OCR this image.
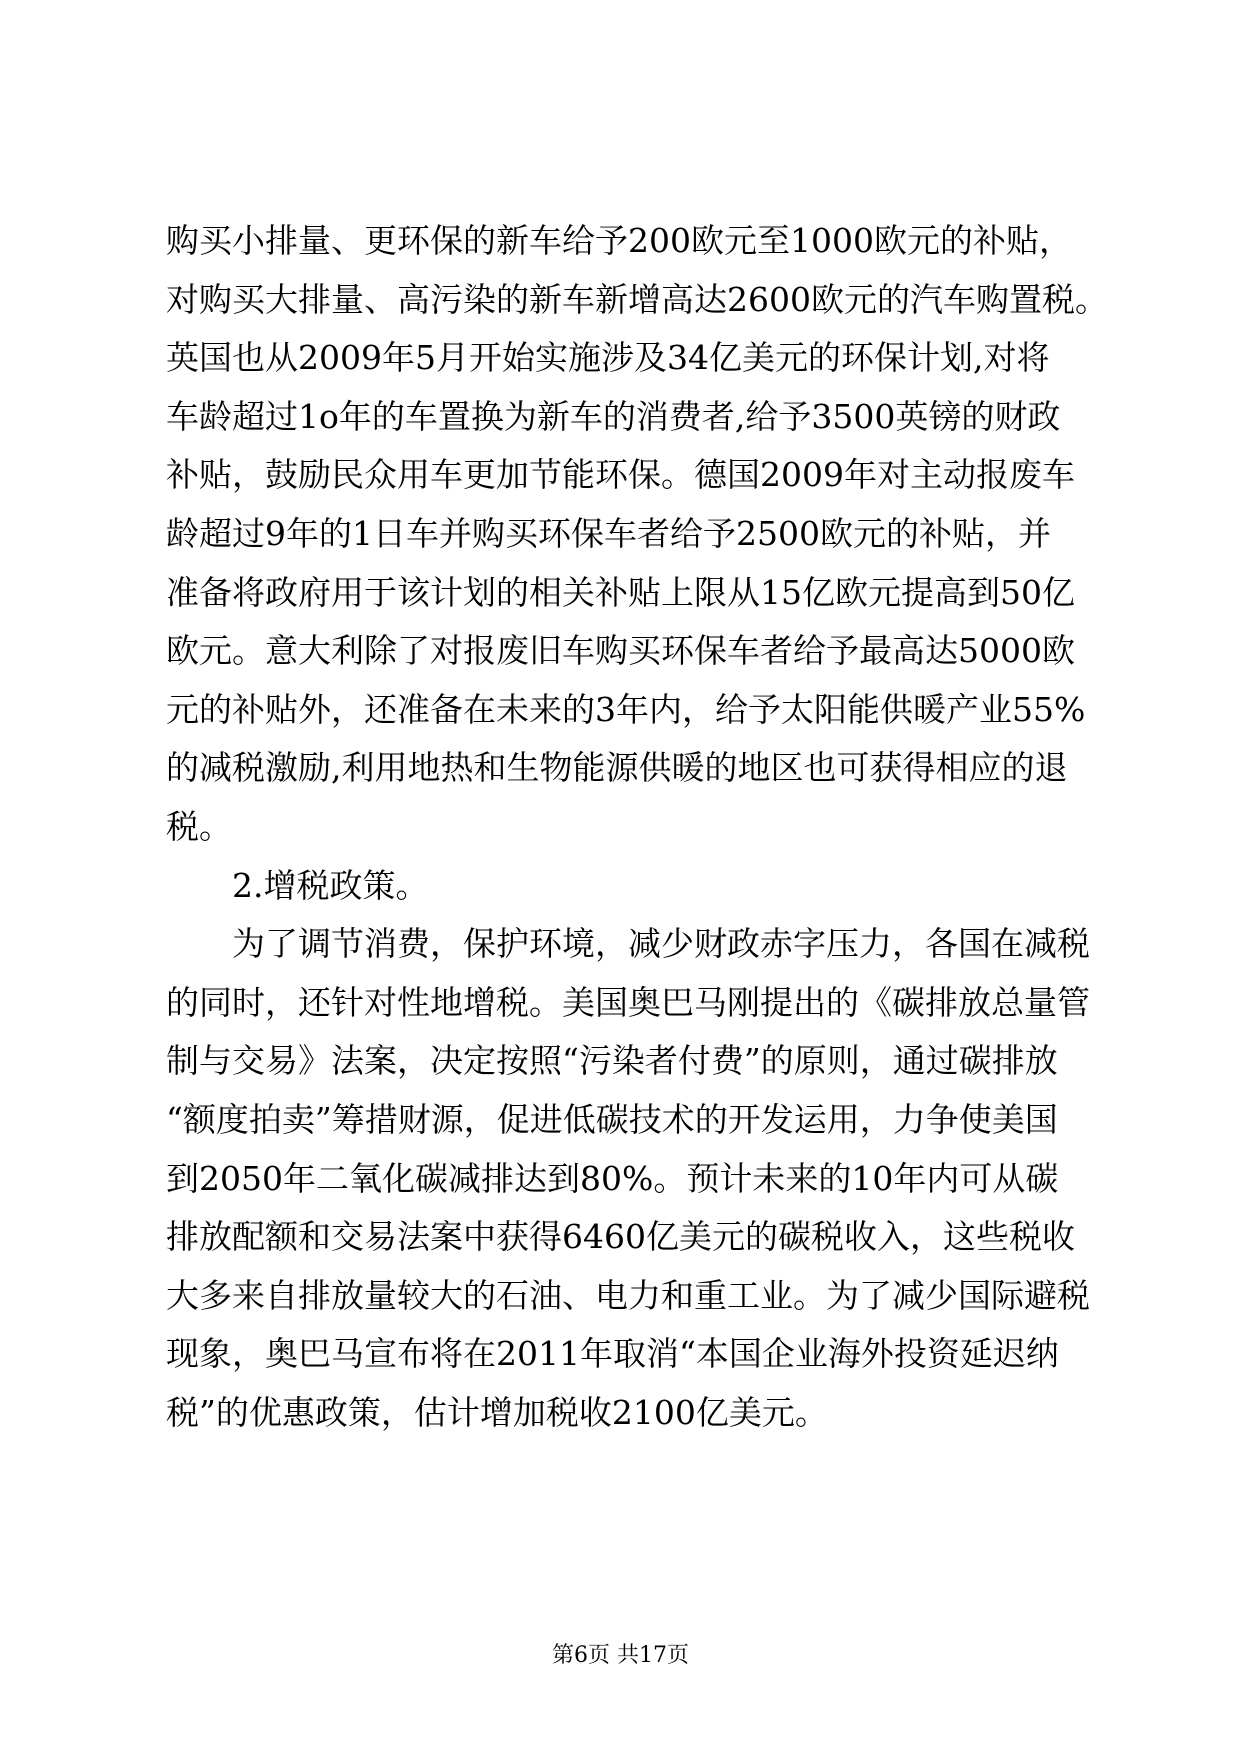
购买小排量、更环保的新车给予200欧元至1000欧元的补贴，
对购买大排量、高污染的新车新增高达2600欧元的汽车购置税。
英国也从2009年5月开始实施涉及34亿美元的环保计划,对将
车龄超过1o年的车置换为新车的消费者,给予3500英镑的财政
补贴，鼓励民众用车更加节能环保。德国2009年对主动报废车
龄超过9年的1日车并购买环保车者给予2500欧元的补贴，并
准备将政府用于该计划的相关补贴上限从15亿欧元提高到50亿
欧元。意大利除了对报废旧车购买环保车者给予最高达5000欧
元的补贴外，还准备在未来的3年内，给予太阳能供暖产业55%
的减税激励,利用地热和生物能源供暖的地区也可获得相应的退
税。
2.增税政策。
为了调节消费，保护环境，减少财政赤字压力，各国在减税
的同时，还针对性地增税。美国奥巴马刚提出的《碳排放总量管
制与交易》法案，决定按照“污染者付费”的原则，通过碳排放
“额度拍卖”筹措财源，促进低碳技术的开发运用，力争使美国
到2050年二氧化碳减排达到80%。预计未来的10年内可从碳
排放配额和交易法案中获得6460亿美元的碳税收入，这些税收
大多来自排放量较大的石油、电力和重工业。为了减少国际避税
现象，奥巴马宣布将在2011年取消“本国企业海外投资延迟纳
税”的优惠政策，估计增加税收2100亿美元。
第6页 共17页
